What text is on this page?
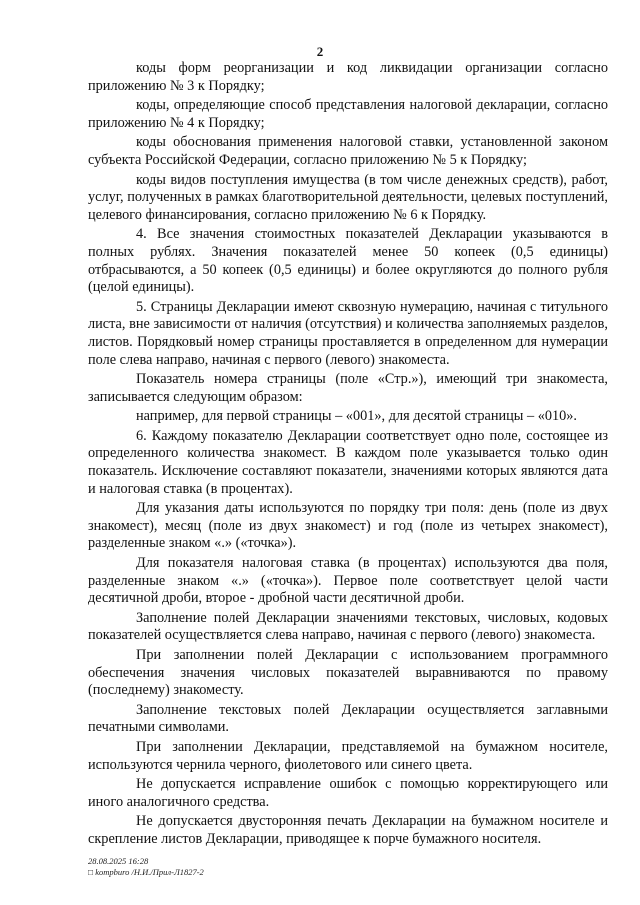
2

коды форм реорганизации и код ликвидации организации согласно приложению № 3 к Порядку;

коды, определяющие способ представления налоговой декларации, согласно приложению № 4 к Порядку;

коды обоснования применения налоговой ставки, установленной законом субъекта Российской Федерации, согласно приложению № 5 к Порядку;

коды видов поступления имущества (в том числе денежных средств), работ, услуг, полученных в рамках благотворительной деятельности, целевых поступлений, целевого финансирования, согласно приложению № 6 к Порядку.

4. Все значения стоимостных показателей Декларации указываются в полных рублях. Значения показателей менее 50 копеек (0,5 единицы) отбрасываются, а 50 копеек (0,5 единицы) и более округляются до полного рубля (целой единицы).

5. Страницы Декларации имеют сквозную нумерацию, начиная с титульного листа, вне зависимости от наличия (отсутствия) и количества заполняемых разделов, листов. Порядковый номер страницы проставляется в определенном для нумерации поле слева направо, начиная с первого (левого) знакоместа.

Показатель номера страницы (поле «Стр.»), имеющий три знакоместа, записывается следующим образом:

например, для первой страницы – «001», для десятой страницы – «010».

6. Каждому показателю Декларации соответствует одно поле, состоящее из определенного количества знакомест. В каждом поле указывается только один показатель. Исключение составляют показатели, значениями которых являются дата и налоговая ставка (в процентах).

Для указания даты используются по порядку три поля: день (поле из двух знакомест), месяц (поле из двух знакомест) и год (поле из четырех знакомест), разделенные знаком «.» («точка»).

Для показателя налоговая ставка (в процентах) используются два поля, разделенные знаком «.» («точка»). Первое поле соответствует целой части десятичной дроби, второе - дробной части десятичной дроби.

Заполнение полей Декларации значениями текстовых, числовых, кодовых показателей осуществляется слева направо, начиная с первого (левого) знакоместа.

При заполнении полей Декларации с использованием программного обеспечения значения числовых показателей выравниваются по правому (последнему) знакоместу.

Заполнение текстовых полей Декларации осуществляется заглавными печатными символами.

При заполнении Декларации, представляемой на бумажном носителе, используются чернила черного, фиолетового или синего цвета.

Не допускается исправление ошибок с помощью корректирующего или иного аналогичного средства.

Не допускается двусторонняя печать Декларации на бумажном носителе и скрепление листов Декларации, приводящее к порче бумажного носителя.

28.08.2025 16:28
□ kompburo /Н.И./Прил-Л1827-2
